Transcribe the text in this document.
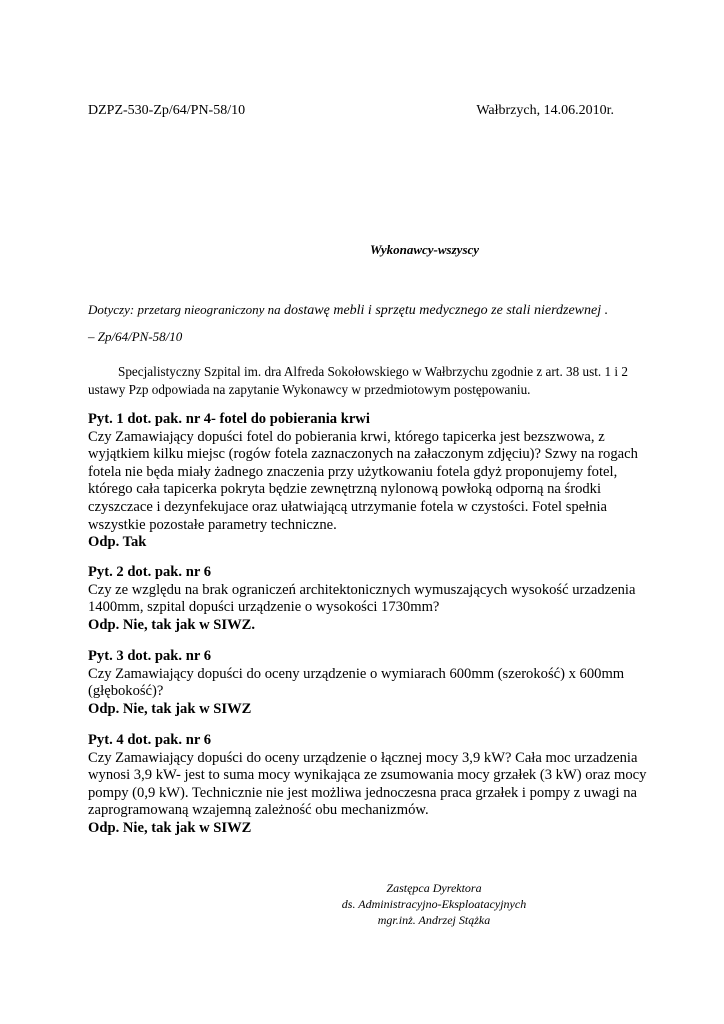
DZPZ-530-Zp/64/PN-58/10	Wałbrzych, 14.06.2010r.
Wykonawcy-wszyscy
Dotyczy: przetarg nieograniczony na dostawę mebli i sprzętu medycznego ze stali nierdzewnej .
– Zp/64/PN-58/10
Specjalistyczny Szpital im. dra Alfreda Sokołowskiego w Wałbrzychu zgodnie z art. 38 ust. 1 i 2 ustawy Pzp odpowiada na zapytanie Wykonawcy w przedmiotowym postępowaniu.
Pyt. 1 dot. pak. nr 4- fotel do pobierania krwi
Czy Zamawiający dopuści fotel do pobierania krwi, którego tapicerka jest bezszwowa, z wyjątkiem kilku miejsc (rogów fotela zaznaczonych na załaczonym zdjęciu)? Szwy na rogach fotela nie będa miały żadnego znaczenia przy użytkowaniu fotela gdyż proponujemy fotel, którego cała tapicerka pokryta będzie zewnętrzną nylonową powłoką odporną na środki czyszczace i dezynfekujace oraz ułatwiającą utrzymanie fotela w czystości. Fotel spełnia wszystkie pozostałe parametry techniczne.
Odp. Tak
Pyt. 2 dot. pak. nr 6
Czy ze względu na brak ograniczeń architektonicznych wymuszających wysokość urzadzenia 1400mm, szpital dopuści urządzenie o wysokości 1730mm?
Odp. Nie, tak jak w SIWZ.
Pyt. 3 dot. pak. nr 6
Czy Zamawiający dopuści do oceny urządzenie o wymiarach 600mm (szerokość) x 600mm (głębokość)?
Odp. Nie, tak jak w SIWZ
Pyt. 4 dot. pak. nr 6
Czy Zamawiający dopuści do oceny urządzenie o łącznej mocy 3,9 kW? Cała moc urzadzenia wynosi 3,9 kW- jest to suma mocy wynikająca ze zsumowania mocy grzałek (3 kW) oraz mocy pompy (0,9 kW). Technicznie nie jest możliwa jednoczesna praca grzałek i pompy z uwagi na zaprogramowaną wzajemną zależność obu mechanizmów.
Odp. Nie, tak jak w SIWZ
Zastępca Dyrektora
ds. Administracyjno-Eksploatacyjnych
mgr.inż. Andrzej Stążka
